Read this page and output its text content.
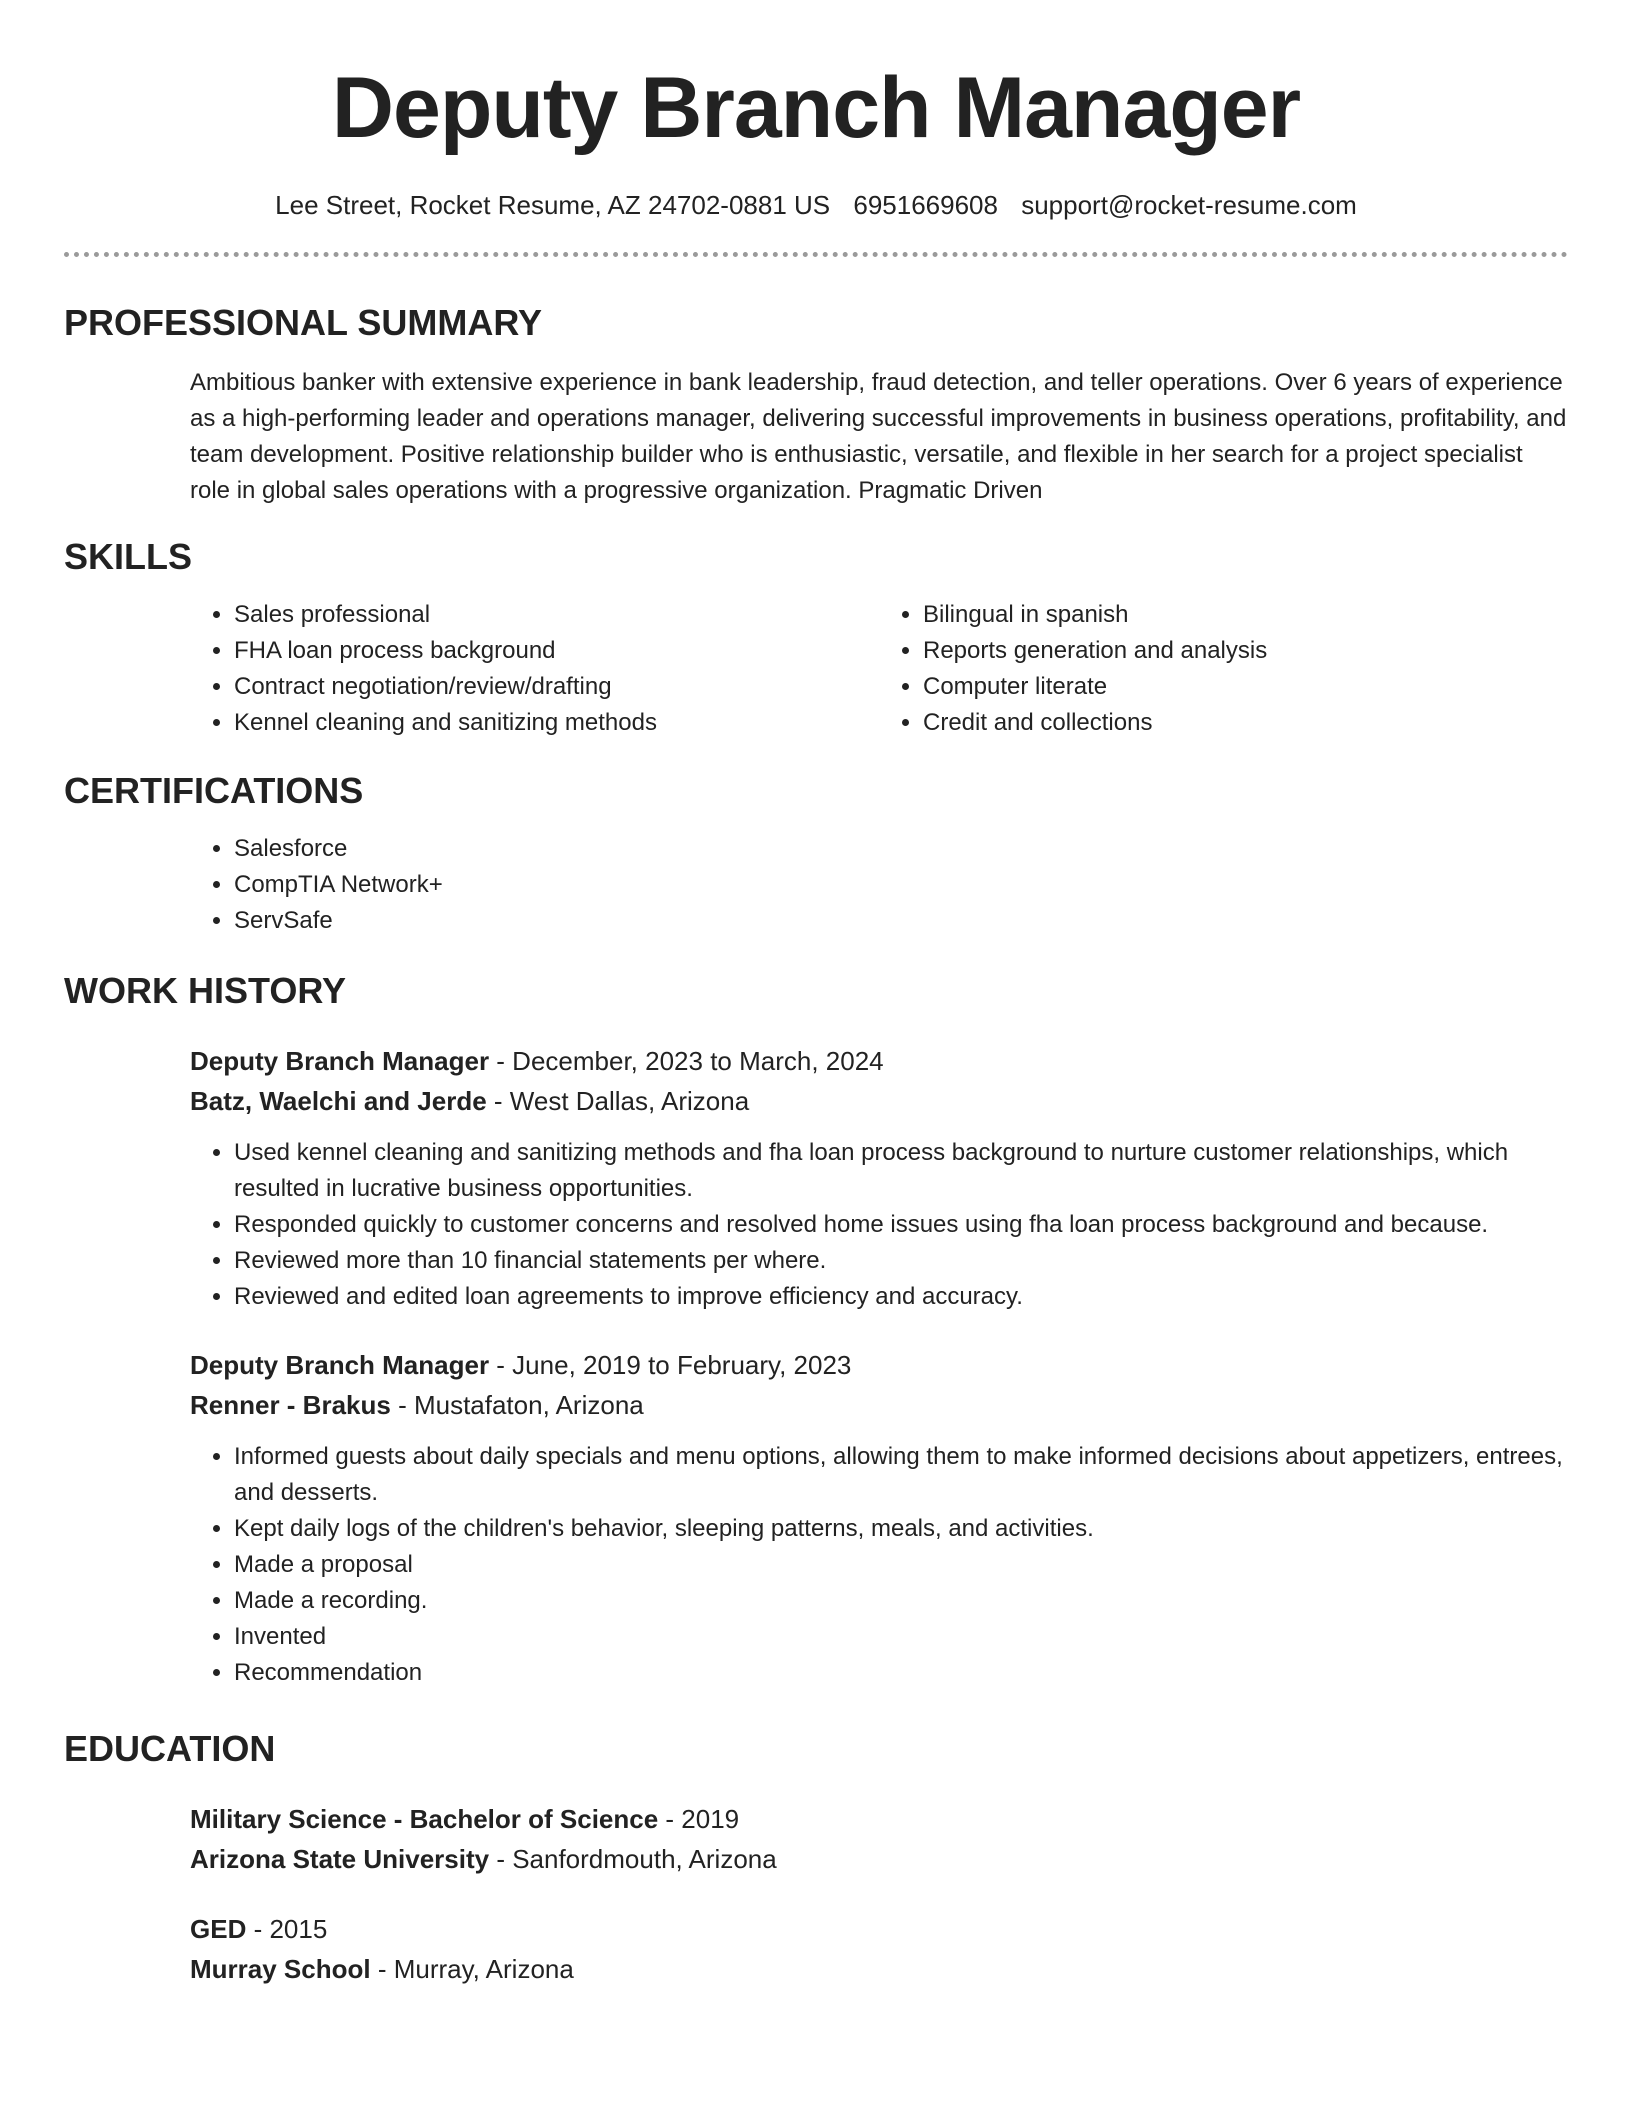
Deputy Branch Manager
Lee Street, Rocket Resume, AZ 24702-0881 US 6951669608 support@rocket-resume.com
PROFESSIONAL SUMMARY
Ambitious banker with extensive experience in bank leadership, fraud detection, and teller operations. Over 6 years of experience as a high-performing leader and operations manager, delivering successful improvements in business operations, profitability, and team development. Positive relationship builder who is enthusiastic, versatile, and flexible in her search for a project specialist role in global sales operations with a progressive organization. Pragmatic Driven
SKILLS
• Sales professional
• FHA loan process background
• Contract negotiation/review/drafting
• Kennel cleaning and sanitizing methods
• Bilingual in spanish
• Reports generation and analysis
• Computer literate
• Credit and collections
CERTIFICATIONS
• Salesforce
• CompTIA Network+
• ServSafe
WORK HISTORY
Deputy Branch Manager - December, 2023 to March, 2024
Batz, Waelchi and Jerde - West Dallas, Arizona
• Used kennel cleaning and sanitizing methods and fha loan process background to nurture customer relationships, which resulted in lucrative business opportunities.
• Responded quickly to customer concerns and resolved home issues using fha loan process background and because.
• Reviewed more than 10 financial statements per where.
• Reviewed and edited loan agreements to improve efficiency and accuracy.
Deputy Branch Manager - June, 2019 to February, 2023
Renner - Brakus - Mustafaton, Arizona
• Informed guests about daily specials and menu options, allowing them to make informed decisions about appetizers, entrees, and desserts.
• Kept daily logs of the children's behavior, sleeping patterns, meals, and activities.
• Made a proposal
• Made a recording.
• Invented
• Recommendation
EDUCATION
Military Science - Bachelor of Science - 2019
Arizona State University - Sanfordmouth, Arizona
GED - 2015
Murray School - Murray, Arizona
